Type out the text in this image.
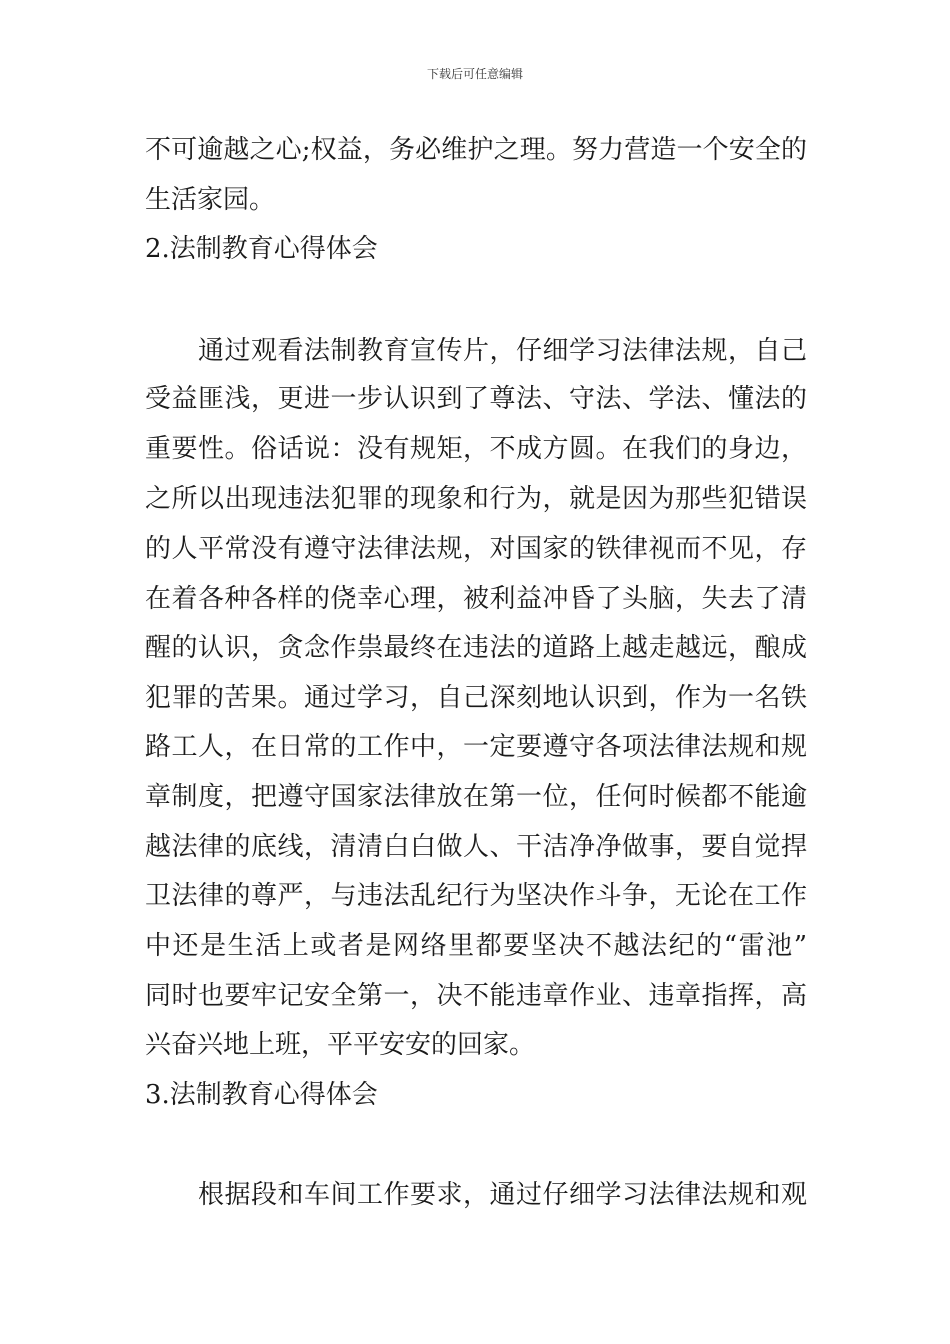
下载后可任意编辑
不可逾越之心;权益，务必维护之理。努力营造一个安全的
生活家园。
2.法制教育心得体会
通过观看法制教育宣传片，仔细学习法律法规，自己
受益匪浅，更进一步认识到了尊法、守法、学法、懂法的
重要性。俗话说：没有规矩，不成方圆。在我们的身边，
之所以出现违法犯罪的现象和行为，就是因为那些犯错误
的人平常没有遵守法律法规，对国家的铁律视而不见，存
在着各种各样的侥幸心理，被利益冲昏了头脑，失去了清
醒的认识，贪念作祟最终在违法的道路上越走越远，酿成
犯罪的苦果。通过学习，自己深刻地认识到，作为一名铁
路工人，在日常的工作中，一定要遵守各项法律法规和规
章制度，把遵守国家法律放在第一位，任何时候都不能逾
越法律的底线，清清白白做人、干洁净净做事，要自觉捍
卫法律的尊严，与违法乱纪行为坚决作斗争，无论在工作
中还是生活上或者是网络里都要坚决不越法纪的“雷池”
同时也要牢记安全第一，决不能违章作业、违章指挥，高
兴奋兴地上班，平平安安的回家。
3.法制教育心得体会
根据段和车间工作要求，通过仔细学习法律法规和观
